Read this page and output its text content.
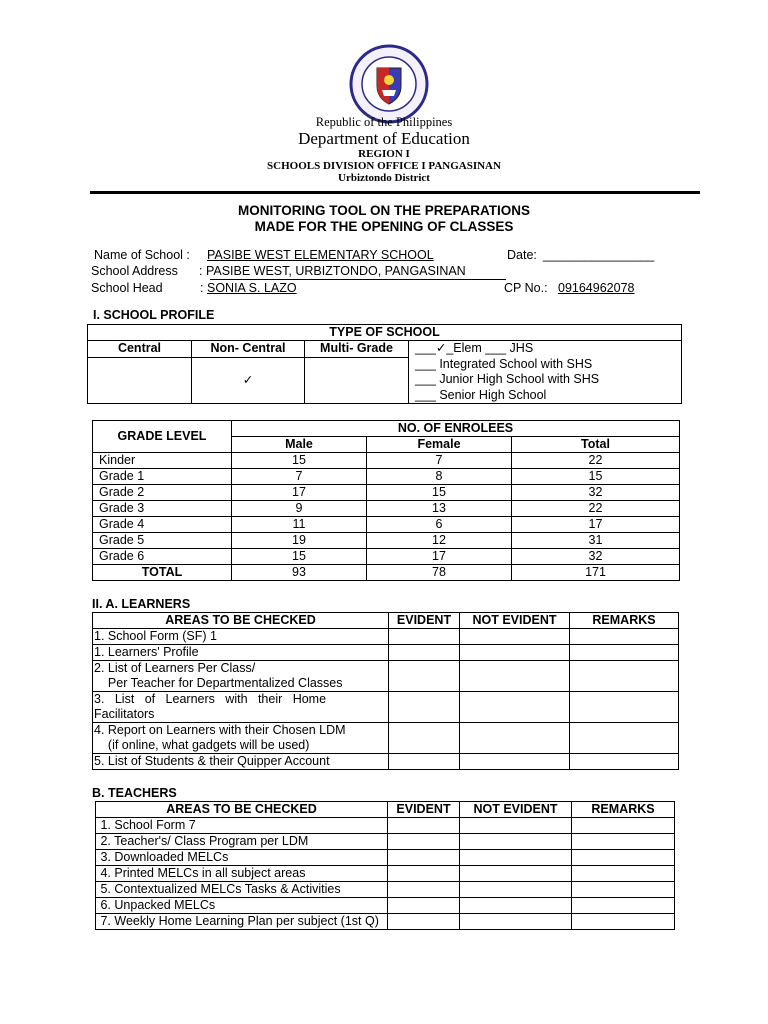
Republic of the Philippines
Department of Education
REGION I
SCHOOLS DIVISION OFFICE I PANGASINAN
Urbiztondo District
MONITORING TOOL ON THE PREPARATIONS
MADE FOR THE OPENING OF CLASSES
Name of School : PASIBE WEST ELEMENTARY SCHOOL	Date: ________________
School Address : PASIBE WEST, URBIZTONDO, PANGASINAN
School Head	: SONIA S. LAZO	CP No.: 09164962078
I. SCHOOL PROFILE
TYPE OF SCHOOL			
Central	Non- Central	Multi- Grade	___✓_Elem ___ JHS
___ Integrated School with SHS
___ Junior High School with SHS
___ Senior High School

	✓		
GRADE LEVEL	NO. OF ENROLEES		
	Male	Female	Total
Kinder	15	7	22
Grade 1	7	8	15
Grade 2	17	15	32
Grade 3	9	13	22
Grade 4	11	6	17
Grade 5	19	12	31
Grade 6	15	17	32
TOTAL	93	78	171
II. A. LEARNERS
AREAS TO BE CHECKED	EVIDENT	NOT EVIDENT	REMARKS
1. School Form (SF) 1			
1. Learners' Profile			
2. List of Learners Per Class/
Per Teacher for Departmentalized Classes			
3.   List   of   Learners   with   their   Home Facilitators			
4. Report on Learners with their Chosen LDM
(if online, what gadgets will be used)			
5. List of Students & their Quipper Account			
B. TEACHERS
AREAS TO BE CHECKED	EVIDENT	NOT EVIDENT	REMARKS
1. School Form 7			
2. Teacher's/ Class Program per LDM			
3. Downloaded MELCs			
4. Printed MELCs in all subject areas			
5. Contextualized MELCs Tasks & Activities			
6. Unpacked MELCs			
7. Weekly Home Learning Plan per subject (1st Q)			
